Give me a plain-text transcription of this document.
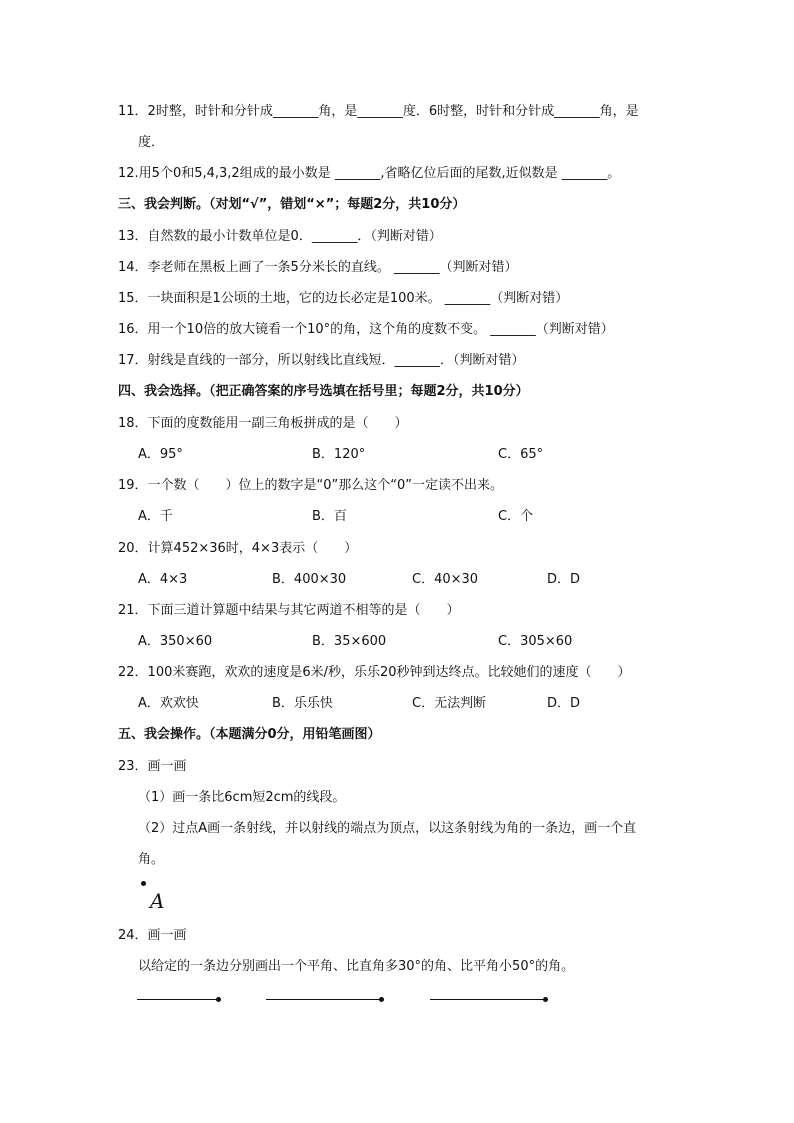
11．2时整，时针和分针成_______角，是_______度．6时整，时针和分针成_______角，是
度．
12.用5个0和5,4,3,2组成的最小数是 _______,省略亿位后面的尾数,近似数是 _______。
三、我会判断。（对划“√”，错划“×”；每题2分，共10分）
13．自然数的最小计数单位是0．_______．（判断对错）
14．李老师在黑板上画了一条5分米长的直线。 _______（判断对错）
15．一块面积是1公顷的土地，它的边长必定是100米。 _______（判断对错）
16．用一个10倍的放大镜看一个10°的角，这个角的度数不变。 _______（判断对错）
17．射线是直线的一部分，所以射线比直线短．_______．（判断对错）
四、我会选择。（把正确答案的序号选填在括号里；每题2分，共10分）
18．下面的度数能用一副三角板拼成的是（　　）
A．95°	B．120°	C．65°
19．一个数（　　）位上的数字是“0”那么这个“0”一定读不出来。
A．千	B．百	C．个
20．计算452×36时，4×3表示（　　）
A．4×3	B．400×30	C．40×30	D．D
21．下面三道计算题中结果与其它两道不相等的是（　　）
A．350×60	B．35×600	C．305×60
22．100米赛跑，欢欢的速度是6米/秒，乐乐20秒钟到达终点。比较她们的速度（　　）
A．欢欢快	B．乐乐快	C．无法判断	D．D
五、我会操作。（本题满分0分，用铅笔画图）
23．画一画
（1）画一条比6cm短2cm的线段。
（2）过点A画一条射线，并以射线的端点为顶点，以这条射线为角的一条边，画一个直
角。
A
24．画一画
以给定的一条边分别画出一个平角、比直角多30°的角、比平角小50°的角。
